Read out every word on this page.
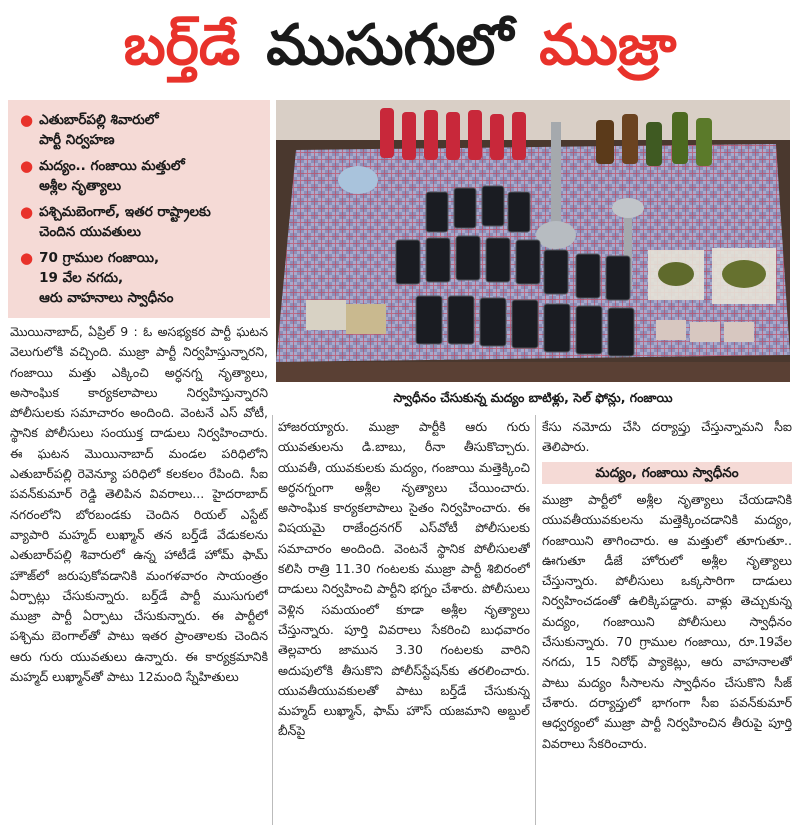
బర్త్‌డే ముసుగులో ముజ్రా
● ఎతుబార్‌పల్లి శివారులో
పార్టీ నిర్వహణ
● మద్యం.. గంజాయి మత్తులో
అశ్లీల నృత్యాలు
● పశ్చిమబెంగాల్, ఇతర రాష్ట్రాలకు
చెందిన యువతులు
● 70 గ్రాముల గంజాయి,
19 వేల నగదు,
ఆరు వాహనాలు స్వాధీనం
స్వాధీనం చేసుకున్న మద్యం బాటిళ్లు, సెల్ ఫోన్లు, గంజాయి
మొయినాబాద్, ఏప్రిల్ 9 : ఓ అసభ్యకర పార్టీ ఘటన వెలుగులోకి వచ్చింది. ముజ్రా పార్టీ నిర్వహిస్తున్నారని, గంజాయి మత్తు ఎక్కించి అర్ధనగ్న నృత్యాలు, అసాంఘిక కార్యకలాపాలు నిర్వహిస్తున్నారని పోలీసులకు సమాచారం అందింది. వెంటనే ఎస్ వోటీ, స్థానిక పోలీసులు సంయుక్త దాడులు నిర్వహించారు. ఈ ఘటన మొయినాబాద్ మండల పరిధిలోని ఎతుబార్‌పల్లి రెవెన్యూ పరిధిలో కలకలం రేపింది. సీఐ పవన్‌కుమార్ రెడ్డి తెలిపిన వివరాలు... హైదరాబాద్ నగరంలోని బోరబండకు చెందిన రియల్ ఎస్టేట్ వ్యాపారి మహ్మద్ లుఖ్మాన్ తన బర్త్‌డే వేడుకలను ఎతుబార్‌పల్లి శివారులో ఉన్న హాటీడే హోమ్ ఫామ్ హౌజ్‌లో జరుపుకోవడానికి మంగళవారం సాయంత్రం ఏర్పాట్లు చేసుకున్నారు. బర్త్‌డే పార్టీ ముసుగులో ముజ్రా పార్టీ ఏర్పాటు చేసుకున్నారు. ఈ పార్టీలో పశ్చిమ బెంగాల్‌తో పాటు ఇతర ప్రాంతాలకు చెందిన ఆరు గురు యువతులు ఉన్నారు. ఈ కార్యక్రమానికి మహ్మద్ లుఖ్మాన్‌తో పాటు 12మంది స్నేహితులు
హాజరయ్యారు. ముజ్రా పార్టీకి ఆరు గురు యువతులను డి.బాబు, రీనా తీసుకొచ్చారు. యువతీ, యువకులకు మద్యం, గంజాయి మత్తెక్కించి అర్ధనగ్నంగా అశ్లీల నృత్యాలు చేయించారు. అసాంఘిక కార్యకలాపాలు సైతం నిర్వహించారు. ఈ విషయమై రాజేంద్రనగర్ ఎస్‌వోటీ పోలీసులకు సమాచారం అందింది. వెంటనే స్థానిక పోలీసులతో కలిసి రాత్రి 11.30 గంటలకు ముజ్రా పార్టీ శిబిరంలో దాడులు నిర్వహించి పార్టీని భగ్నం చేశారు. పోలీసులు వెళ్లిన సమయంలో కూడా అశ్లీల నృత్యాలు చేస్తున్నారు. పూర్తి వివరాలు సేకరించి బుధవారం తెల్లవారు జామున 3.30 గంటలకు వారిని అదుపులోకి తీసుకొని పోలీస్‌స్టేషన్‌కు తరలించారు. యువతీయువకులతో పాటు బర్త్‌డే చేసుకున్న మహ్మద్ లుఖ్మాన్, ఫామ్ హౌస్ యజమాని అబ్దుల్ బీన్‌పై
కేసు నమోదు చేసి దర్యాప్తు చేస్తున్నామని సీఐ తెలిపారు.
మద్యం, గంజాయి స్వాధీనం
ముజ్రా పార్టీలో అశ్లీల నృత్యాలు చేయడానికి యువతీయువకులను మత్తెక్కించడానికి మద్యం, గంజాయిని తాగించారు. ఆ మత్తులో తూగుతూ.. ఊగుతూ డీజే హోరులో అశ్లీల నృత్యాలు చేస్తున్నారు. పోలీసులు ఒక్కసారిగా దాడులు నిర్వహించడంతో ఉలిక్కిపడ్డారు. వాళ్లు తెచ్చుకున్న మద్యం, గంజాయిని పోలీసులు స్వాధీనం చేసుకున్నారు. 70 గ్రాముల గంజాయి, రూ.19వేల నగదు, 15 నిరోధ్ ప్యాకెట్లు, ఆరు వాహనాలతో పాటు మద్యం సీసాలను స్వాధీనం చేసుకొని సీజ్ చేశారు. దర్యాప్తులో భాగంగా సీఐ పవన్‌కుమార్ ఆధ్వర్యంలో ముజ్రా పార్టీ నిర్వహించిన తీరుపై పూర్తి వివరాలు సేకరించారు.
